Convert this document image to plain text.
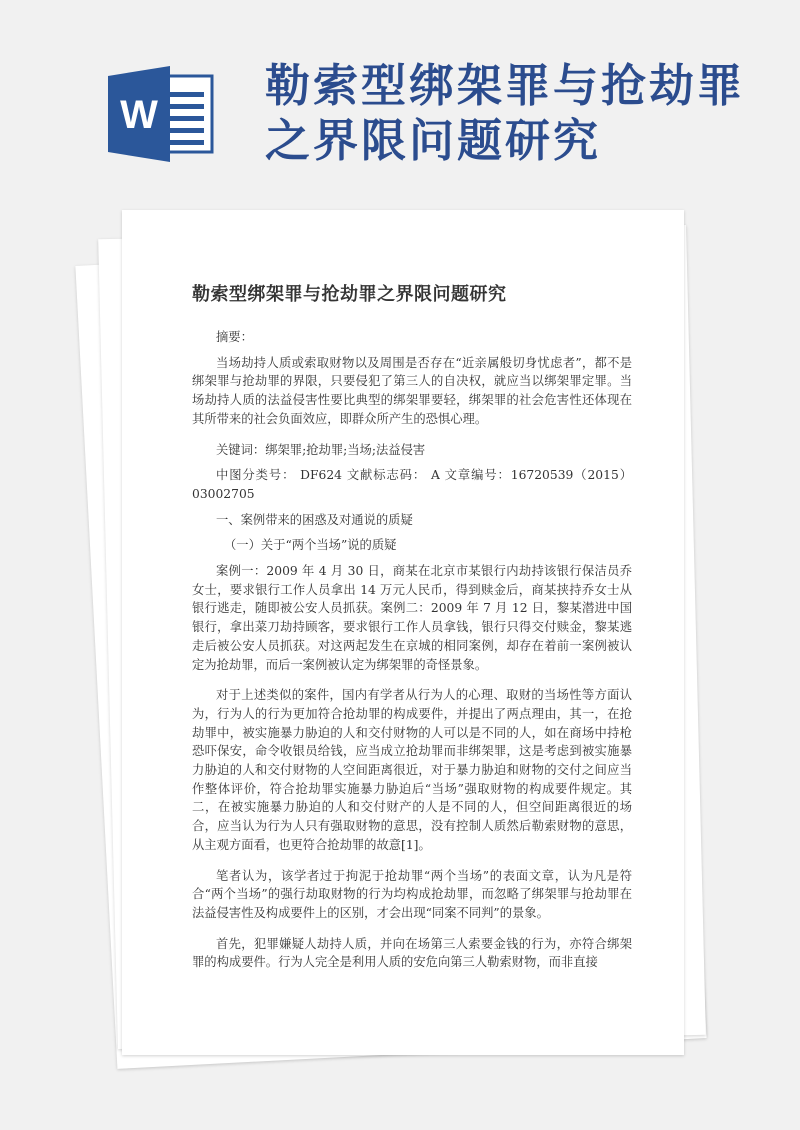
W
勒索型绑架罪与抢劫罪
之界限问题研究
勒索型绑架罪与抢劫罪之界限问题研究

摘要：

当场劫持人质或索取财物以及周围是否存在“近亲属般切身忧虑者”，都不是绑架罪与抢劫罪的界限，只要侵犯了第三人的自决权，就应当以绑架罪定罪。当场劫持人质的法益侵害性要比典型的绑架罪要轻，绑架罪的社会危害性还体现在其所带来的社会负面效应，即群众所产生的恐惧心理。

关键词：绑架罪;抢劫罪;当场;法益侵害

中图分类号： DF624 文献标志码： A 文章编号：16720539（2015）03002705

一、案例带来的困惑及对通说的质疑

（一）关于“两个当场”说的质疑

案例一：2009 年 4 月 30 日，商某在北京市某银行内劫持该银行保洁员乔女士，要求银行工作人员拿出 14 万元人民币，得到赎金后，商某挟持乔女士从银行逃走，随即被公安人员抓获。案例二：2009 年 7 月 12 日，黎某潜进中国银行，拿出菜刀劫持顾客，要求银行工作人员拿钱，银行只得交付赎金，黎某逃走后被公安人员抓获。对这两起发生在京城的相同案例，却存在着前一案例被认定为抢劫罪，而后一案例被认定为绑架罪的奇怪景象。

对于上述类似的案件，国内有学者从行为人的心理、取财的当场性等方面认为，行为人的行为更加符合抢劫罪的构成要件，并提出了两点理由，其一，在抢劫罪中，被实施暴力胁迫的人和交付财物的人可以是不同的人，如在商场中持枪恐吓保安，命令收银员给钱，应当成立抢劫罪而非绑架罪，这是考虑到被实施暴力胁迫的人和交付财物的人空间距离很近，对于暴力胁迫和财物的交付之间应当作整体评价，符合抢劫罪实施暴力胁迫后“当场”强取财物的构成要件规定。其二，在被实施暴力胁迫的人和交付财产的人是不同的人，但空间距离很近的场合，应当认为行为人只有强取财物的意思，没有控制人质然后勒索财物的意思，从主观方面看，也更符合抢劫罪的故意[1]。

笔者认为，该学者过于拘泥于抢劫罪“两个当场”的表面文章，认为凡是符合“两个当场”的强行劫取财物的行为均构成抢劫罪，而忽略了绑架罪与抢劫罪在法益侵害性及构成要件上的区别，才会出现“同案不同判”的景象。

首先，犯罪嫌疑人劫持人质，并向在场第三人索要金钱的行为，亦符合绑架罪的构成要件。行为人完全是利用人质的安危向第三人勒索财物，而非直接
